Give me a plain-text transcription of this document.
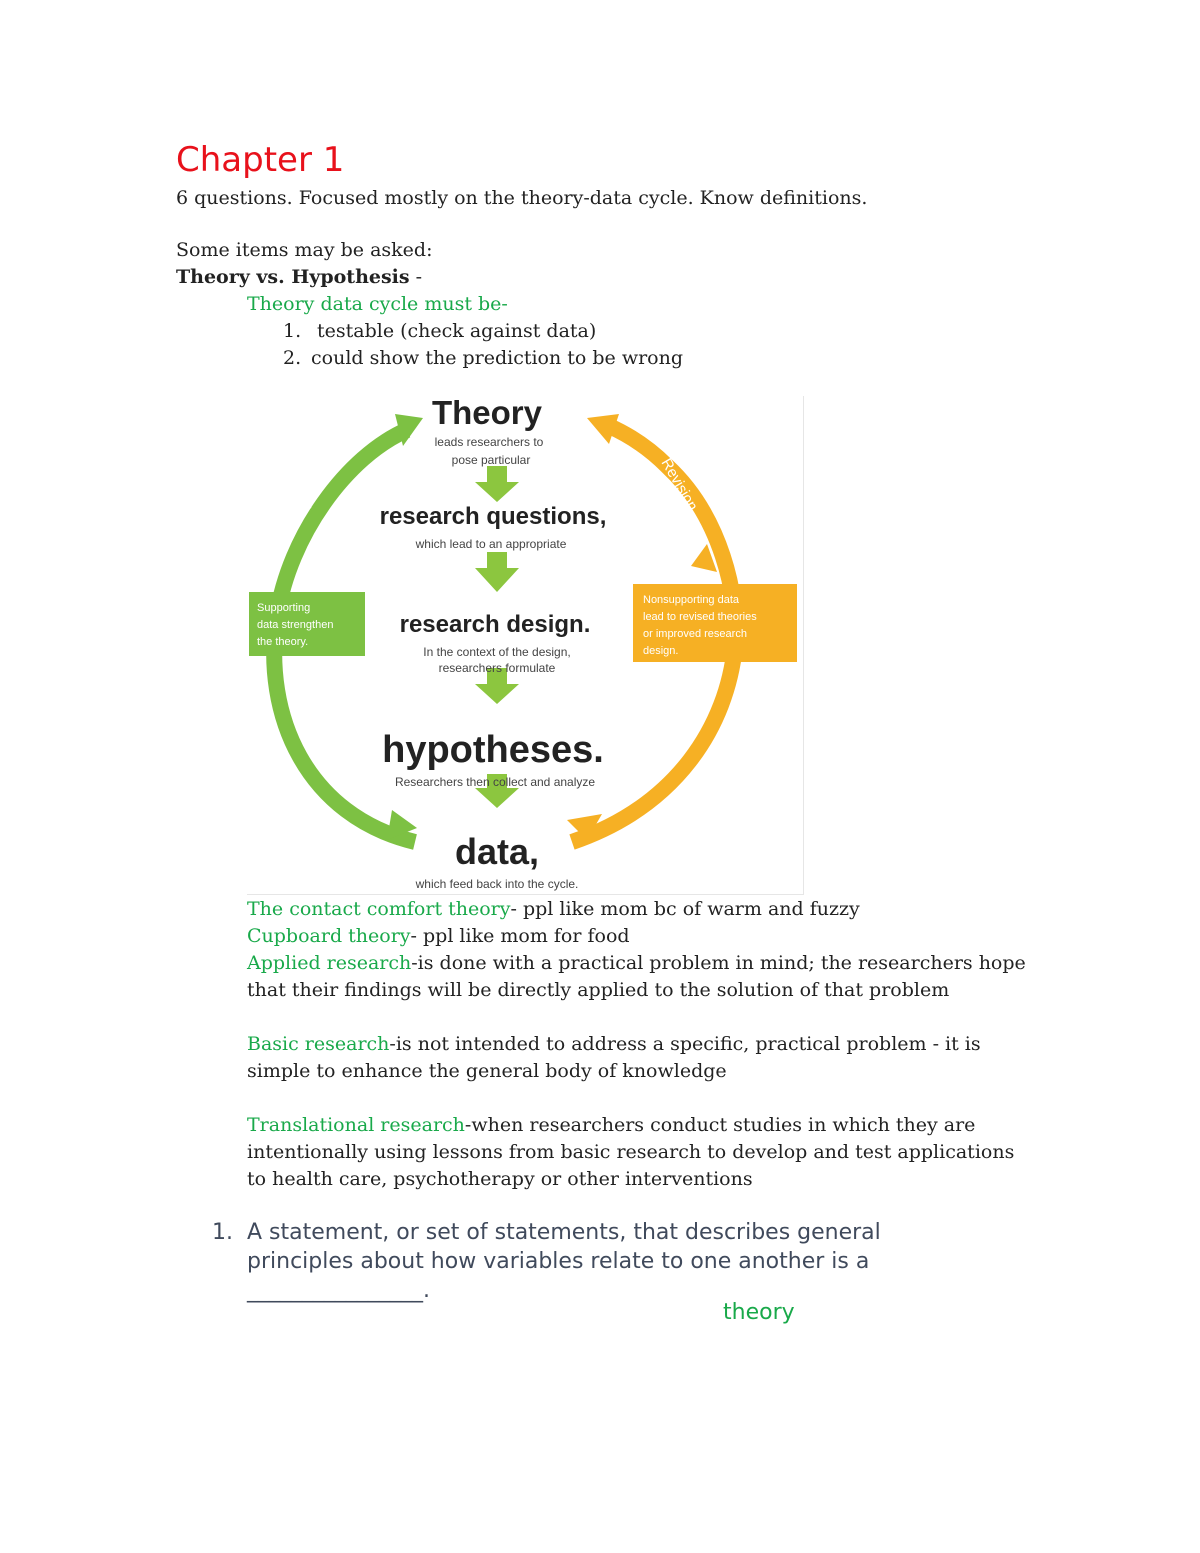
Chapter 1
6 questions. Focused mostly on the theory-data cycle. Know definitions.
Some items may be asked:
Theory vs. Hypothesis -
Theory data cycle must be-
1. testable (check against data)
2. could show the prediction to be wrong
Theory
leads researchers to
pose particular
research questions,
which lead to an appropriate
research design.
In the context of the design,
researchers formulate
hypotheses.
Researchers then collect and analyze
data,
which feed back into the cycle.
Supporting
data strengthen
the theory.
Nonsupporting data
lead to revised theories
or improved research
design.
Support	Revision

The contact comfort theory- ppl like mom bc of warm and fuzzy

Cupboard theory- ppl like mom for food

Applied research-is done with a practical problem in mind; the researchers hope that their findings will be directly applied to the solution of that problem

Basic research-is not intended to address a specific, practical problem - it is simple to enhance the general body of knowledge

Translational research-when researchers conduct studies in which they are intentionally using lessons from basic research to develop and test applications to health care, psychotherapy or other interventions

1. A statement, or set of statements, that describes general principles about how variables relate to one another is a ________________.
theory
